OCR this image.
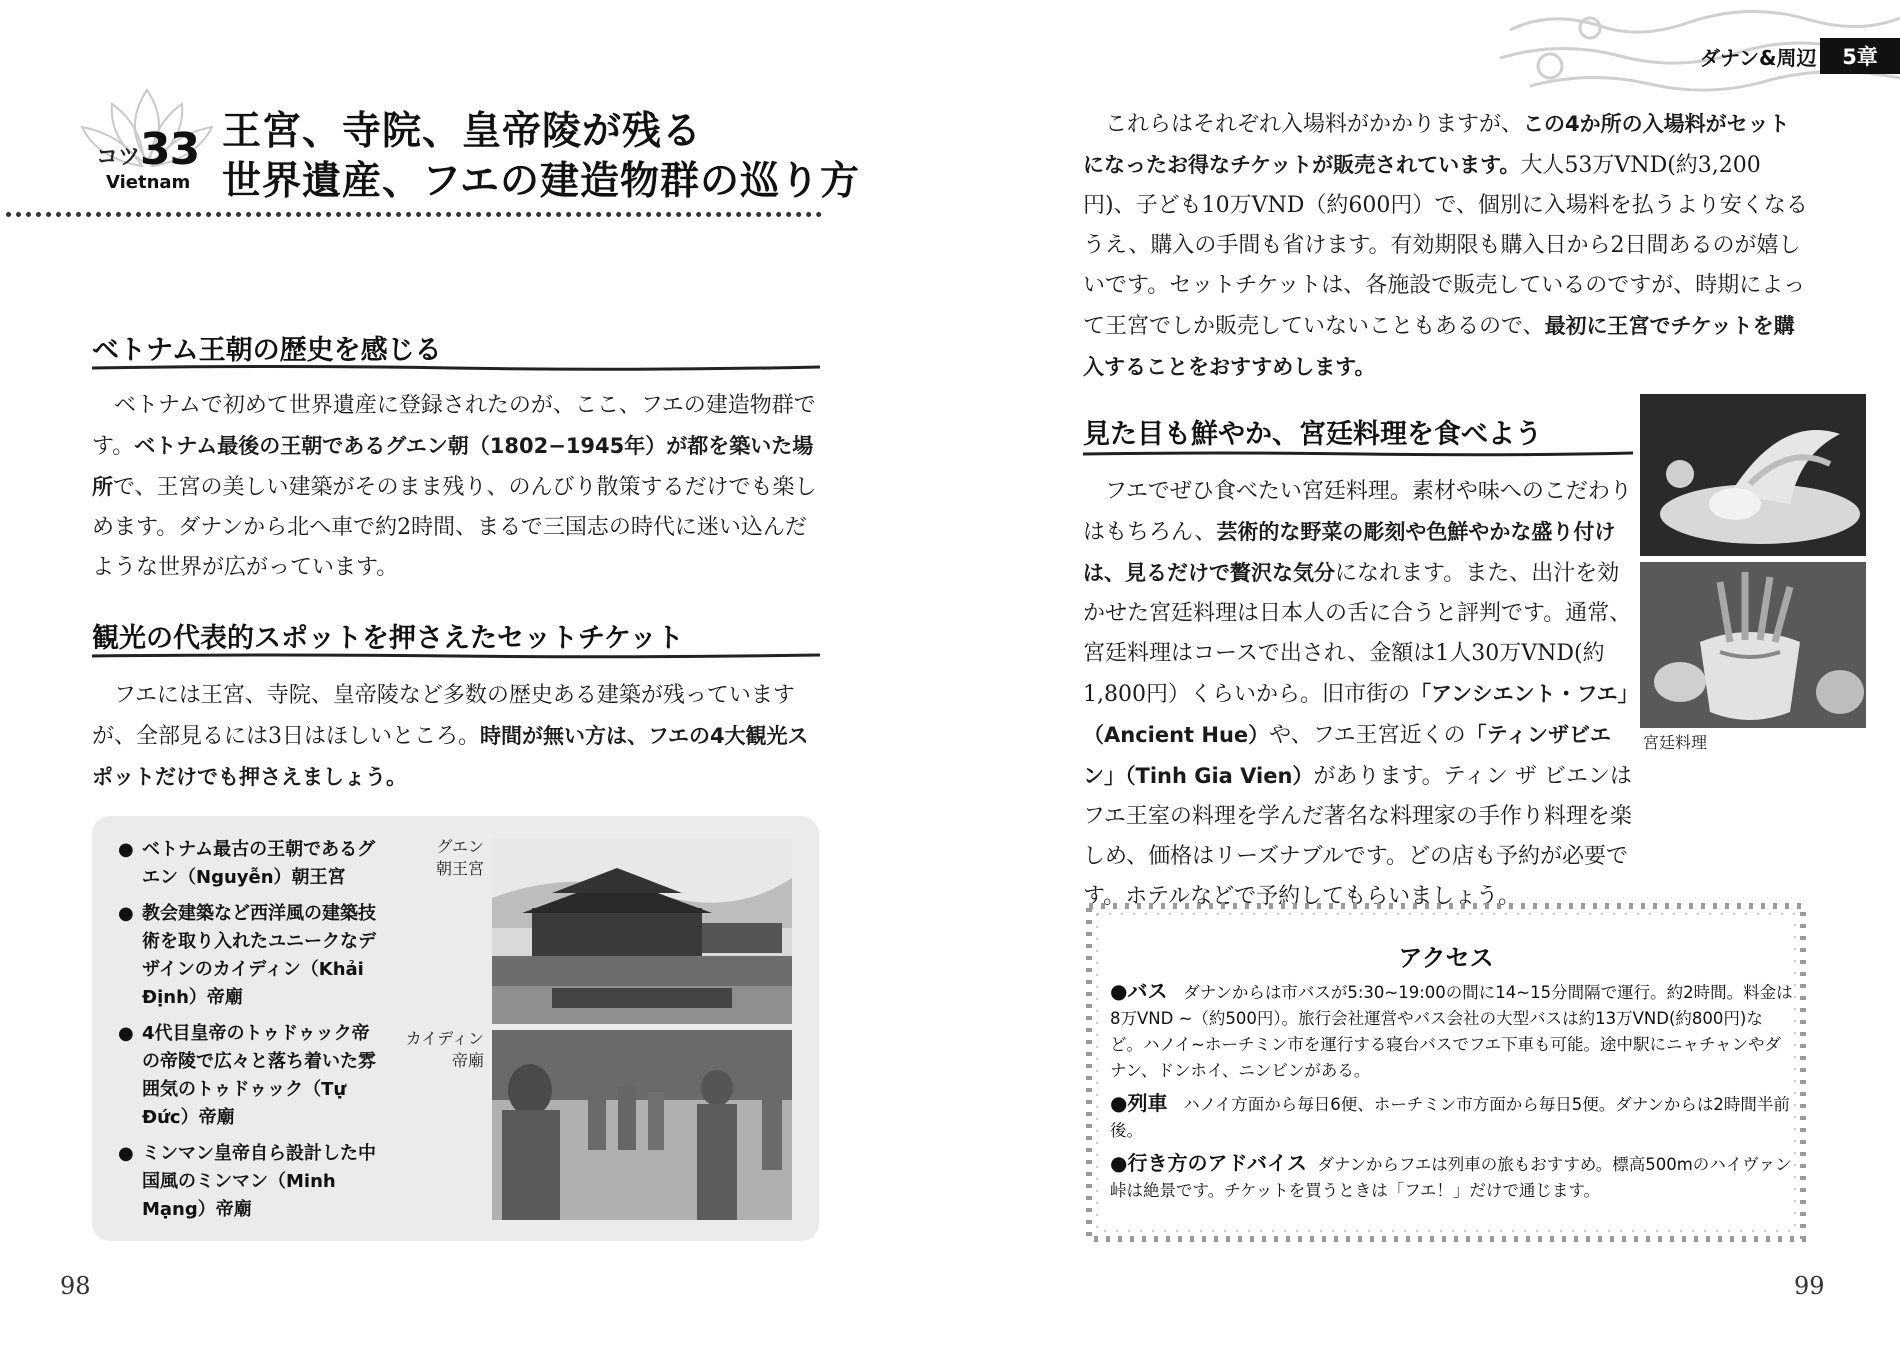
コツ 33
Vietnam
王宮、寺院、皇帝陵が残る
世界遺産、フエの建造物群の巡り方
ベトナム王朝の歴史を感じる

ベトナムで初めて世界遺産に登録されたのが、ここ、フエの建造物群です。ベトナム最後の王朝であるグエン朝（1802−1945年）が都を築いた場所で、王宮の美しい建築がそのまま残り、のんびり散策するだけでも楽しめます。ダナンから北へ車で約2時間、まるで三国志の時代に迷い込んだような世界が広がっています。

観光の代表的スポットを押さえたセットチケット

フエには王宮、寺院、皇帝陵など多数の歴史ある建築が残っていますが、全部見るには3日はほしいところ。時間が無い方は、フエの4大観光スポットだけでも押さえましょう。

● ベトナム最古の王朝であるグエン（Nguyễn）朝王宮
● 教会建築など西洋風の建築技術を取り入れたユニークなデザインのカイディン（Khải Định）帝廟
● 4代目皇帝のトゥドゥック帝の帝陵で広々と落ち着いた雰囲気のトゥドゥック（Tự Đức）帝廟
● ミンマン皇帝自ら設計した中国風のミンマン（Minh Mạng）帝廟
グエン
朝王宮
カイディン
帝廟
98
ダナン&周辺	5章

これらはそれぞれ入場料がかかりますが、この4か所の入場料がセットになったお得なチケットが販売されています。大人53万VND(約3,200円)、子ども10万VND（約600円）で、個別に入場料を払うより安くなるうえ、購入の手間も省けます。有効期限も購入日から2日間あるのが嬉しいです。セットチケットは、各施設で販売しているのですが、時期によって王宮でしか販売していないこともあるので、最初に王宮でチケットを購入することをおすすめします。

見た目も鮮やか、宮廷料理を食べよう
宮廷料理

フエでぜひ食べたい宮廷料理。素材や味へのこだわりはもちろん、芸術的な野菜の彫刻や色鮮やかな盛り付けは、見るだけで贅沢な気分になれます。また、出汁を効かせた宮廷料理は日本人の舌に合うと評判です。通常、宮廷料理はコースで出され、金額は1人30万VND(約1,800円）くらいから。旧市街の「アンシエント・フエ」（Ancient Hue）や、フエ王宮近くの「ティンザビエン」（Tinh Gia Vien）があります。ティン ザ ビエンはフエ王室の料理を学んだ著名な料理家の手作り料理を楽しめ、価格はリーズナブルです。どの店も予約が必要です。ホテルなどで予約してもらいましょう。

アクセス

●バス ダナンからは市バスが5:30~19:00の間に14~15分間隔で運行。約2時間。料金は8万VND ~（約500円）。旅行会社運営やバス会社の大型バスは約13万VND(約800円)など。ハノイ~ホーチミン市を運行する寝台バスでフエ下車も可能。途中駅にニャチャンやダナン、ドンホイ、ニンビンがある。

●列車 ハノイ方面から毎日6便、ホーチミン市方面から毎日5便。ダナンからは2時間半前後。

●行き方のアドバイス ダナンからフエは列車の旅もおすすめ。標高500mのハイヴァン峠は絶景です。チケットを買うときは「フエ！」だけで通じます。

99
